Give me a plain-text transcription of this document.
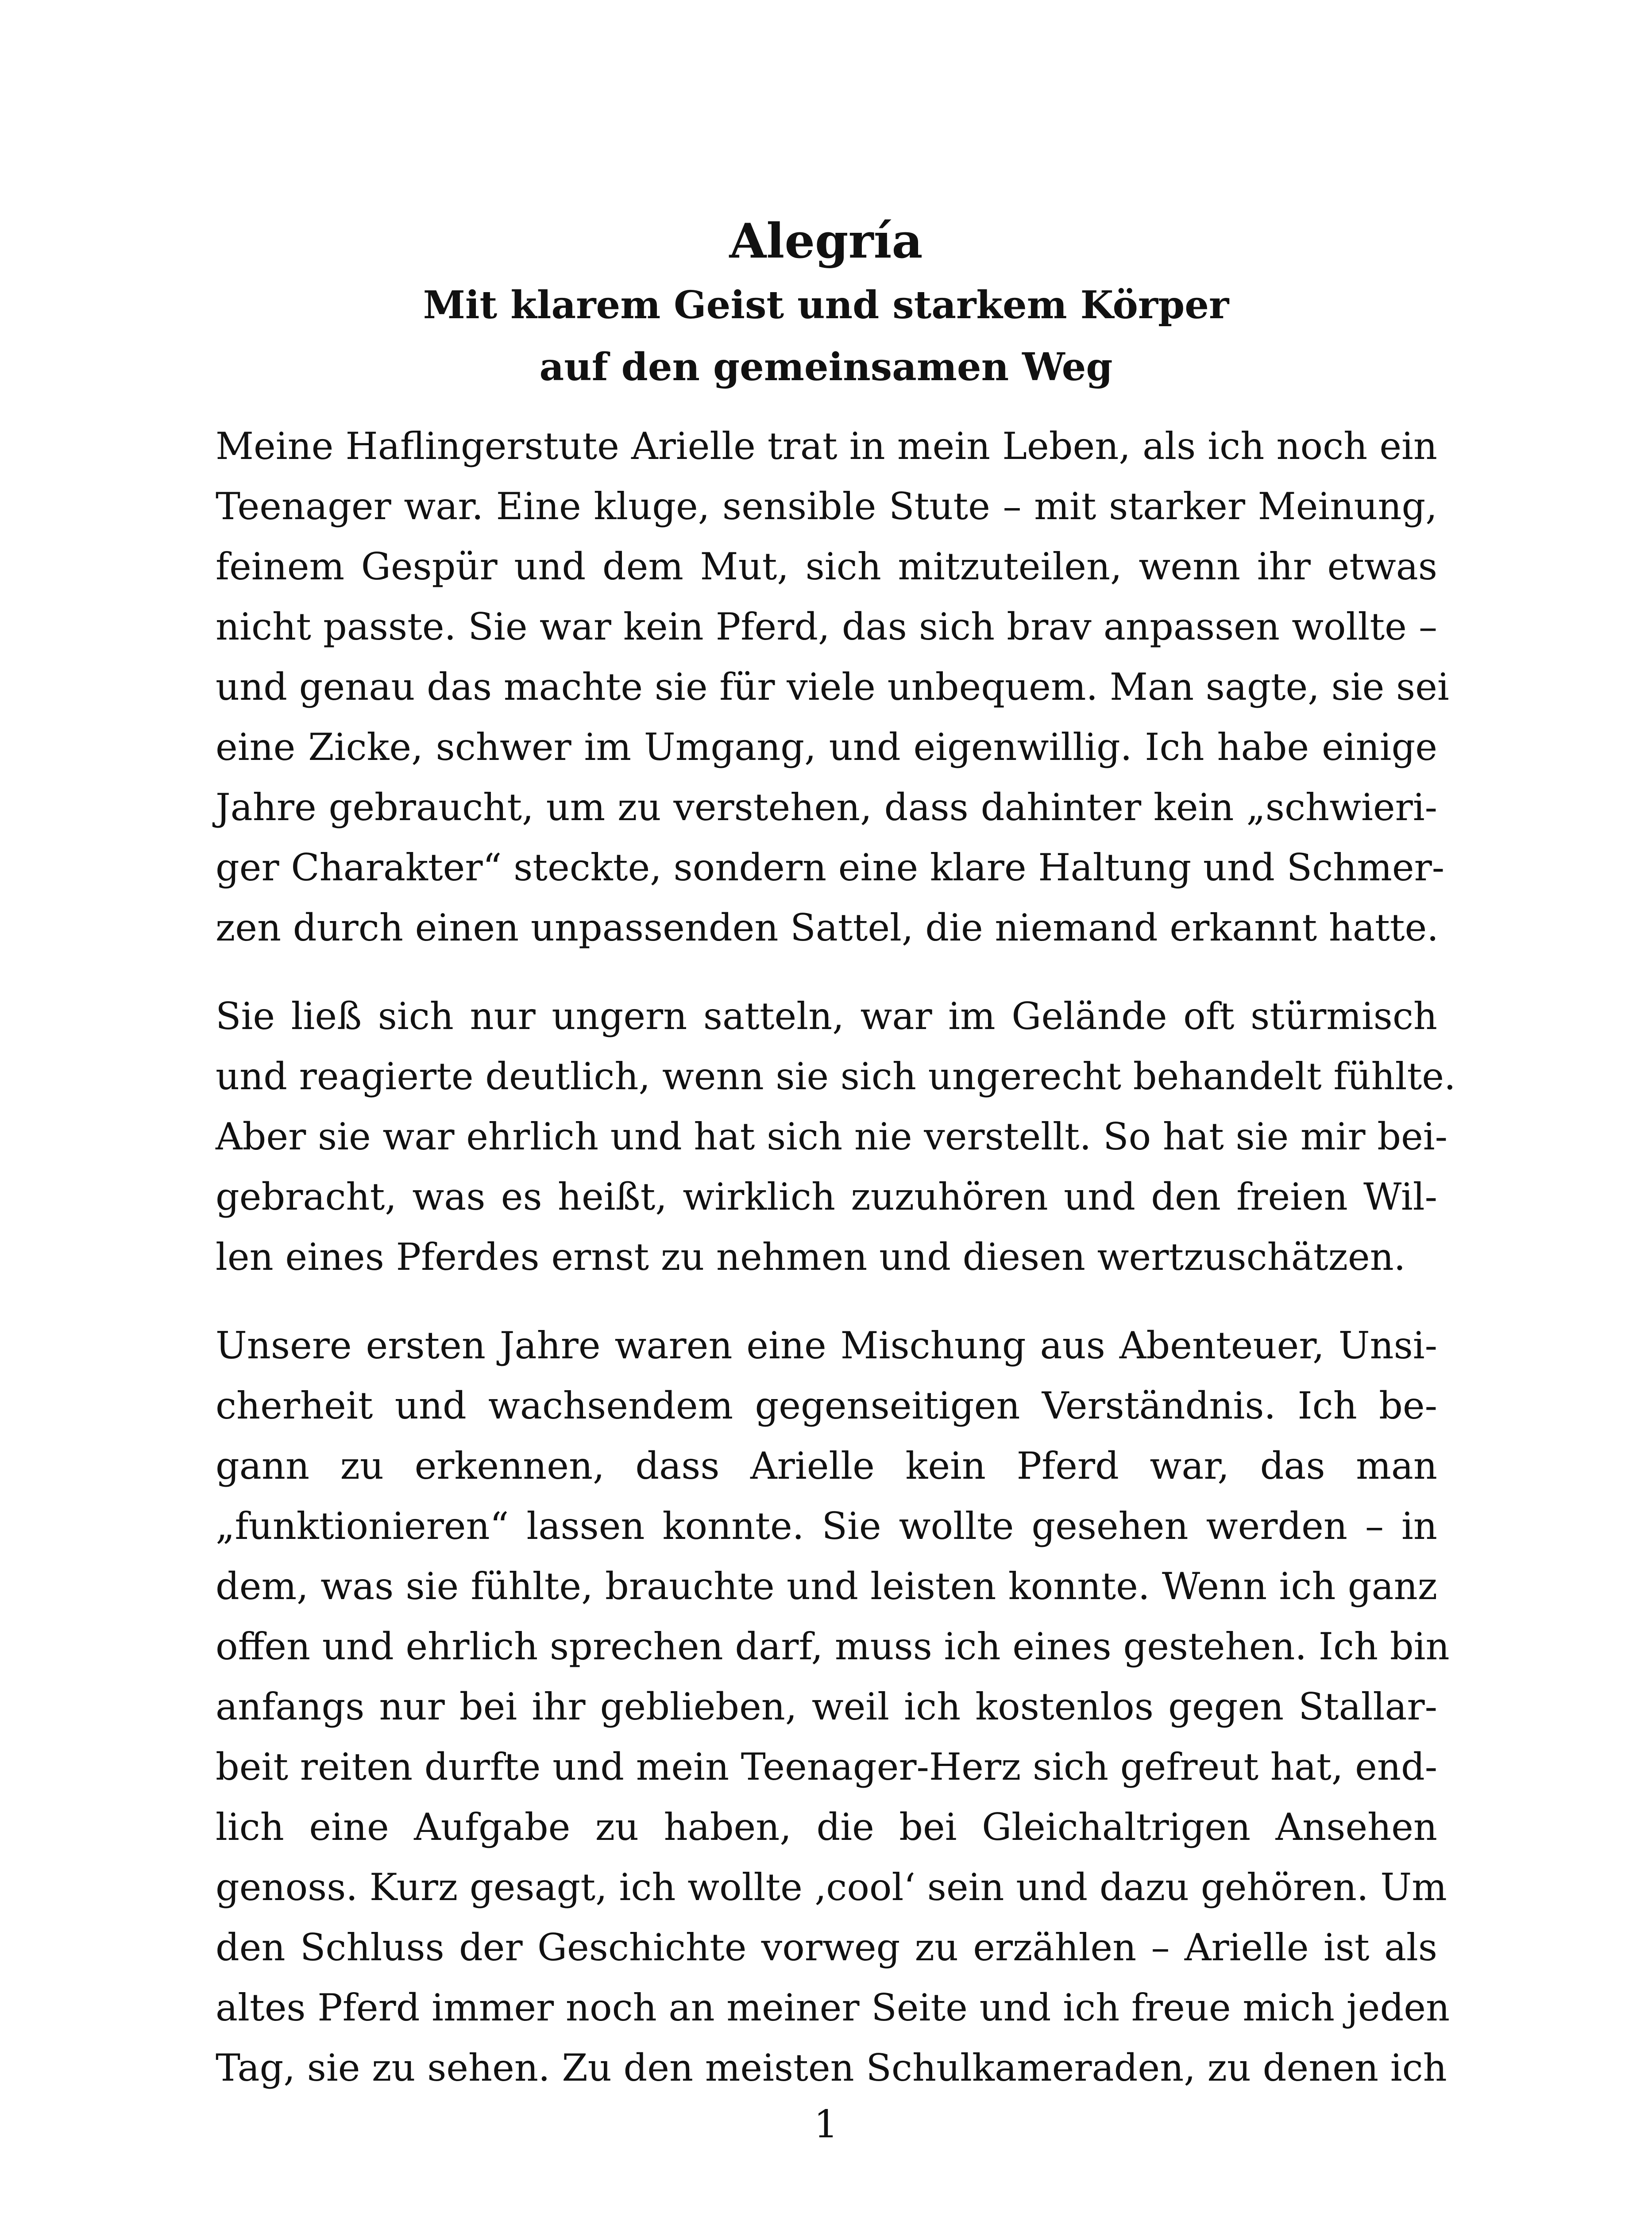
Alegría

Mit klarem Geist und starkem Körper

auf den gemeinsamen Weg

Meine Haflingerstute Arielle trat in mein Leben, als ich noch ein
Teenager war. Eine kluge, sensible Stute – mit starker Meinung,
feinem Gespür und dem Mut, sich mitzuteilen, wenn ihr etwas
nicht passte. Sie war kein Pferd, das sich brav anpassen wollte –
und genau das machte sie für viele unbequem. Man sagte, sie sei
eine Zicke, schwer im Umgang, und eigenwillig. Ich habe einige
Jahre gebraucht, um zu verstehen, dass dahinter kein „schwieri-
ger Charakter“ steckte, sondern eine klare Haltung und Schmer-
zen durch einen unpassenden Sattel, die niemand erkannt hatte.

Sie ließ sich nur ungern satteln, war im Gelände oft stürmisch
und reagierte deutlich, wenn sie sich ungerecht behandelt fühlte.
Aber sie war ehrlich und hat sich nie verstellt. So hat sie mir bei-
gebracht, was es heißt, wirklich zuzuhören und den freien Wil-
len eines Pferdes ernst zu nehmen und diesen wertzuschätzen.

Unsere ersten Jahre waren eine Mischung aus Abenteuer, Unsi-
cherheit und wachsendem gegenseitigen Verständnis. Ich be-
gann zu erkennen, dass Arielle kein Pferd war, das man
„funktionieren“ lassen konnte. Sie wollte gesehen werden – in
dem, was sie fühlte, brauchte und leisten konnte. Wenn ich ganz
offen und ehrlich sprechen darf, muss ich eines gestehen. Ich bin
anfangs nur bei ihr geblieben, weil ich kostenlos gegen Stallar-
beit reiten durfte und mein Teenager-Herz sich gefreut hat, end-
lich eine Aufgabe zu haben, die bei Gleichaltrigen Ansehen
genoss. Kurz gesagt, ich wollte ‚cool‘ sein und dazu gehören. Um
den Schluss der Geschichte vorweg zu erzählen – Arielle ist als
altes Pferd immer noch an meiner Seite und ich freue mich jeden
Tag, sie zu sehen. Zu den meisten Schulkameraden, zu denen ich

1
